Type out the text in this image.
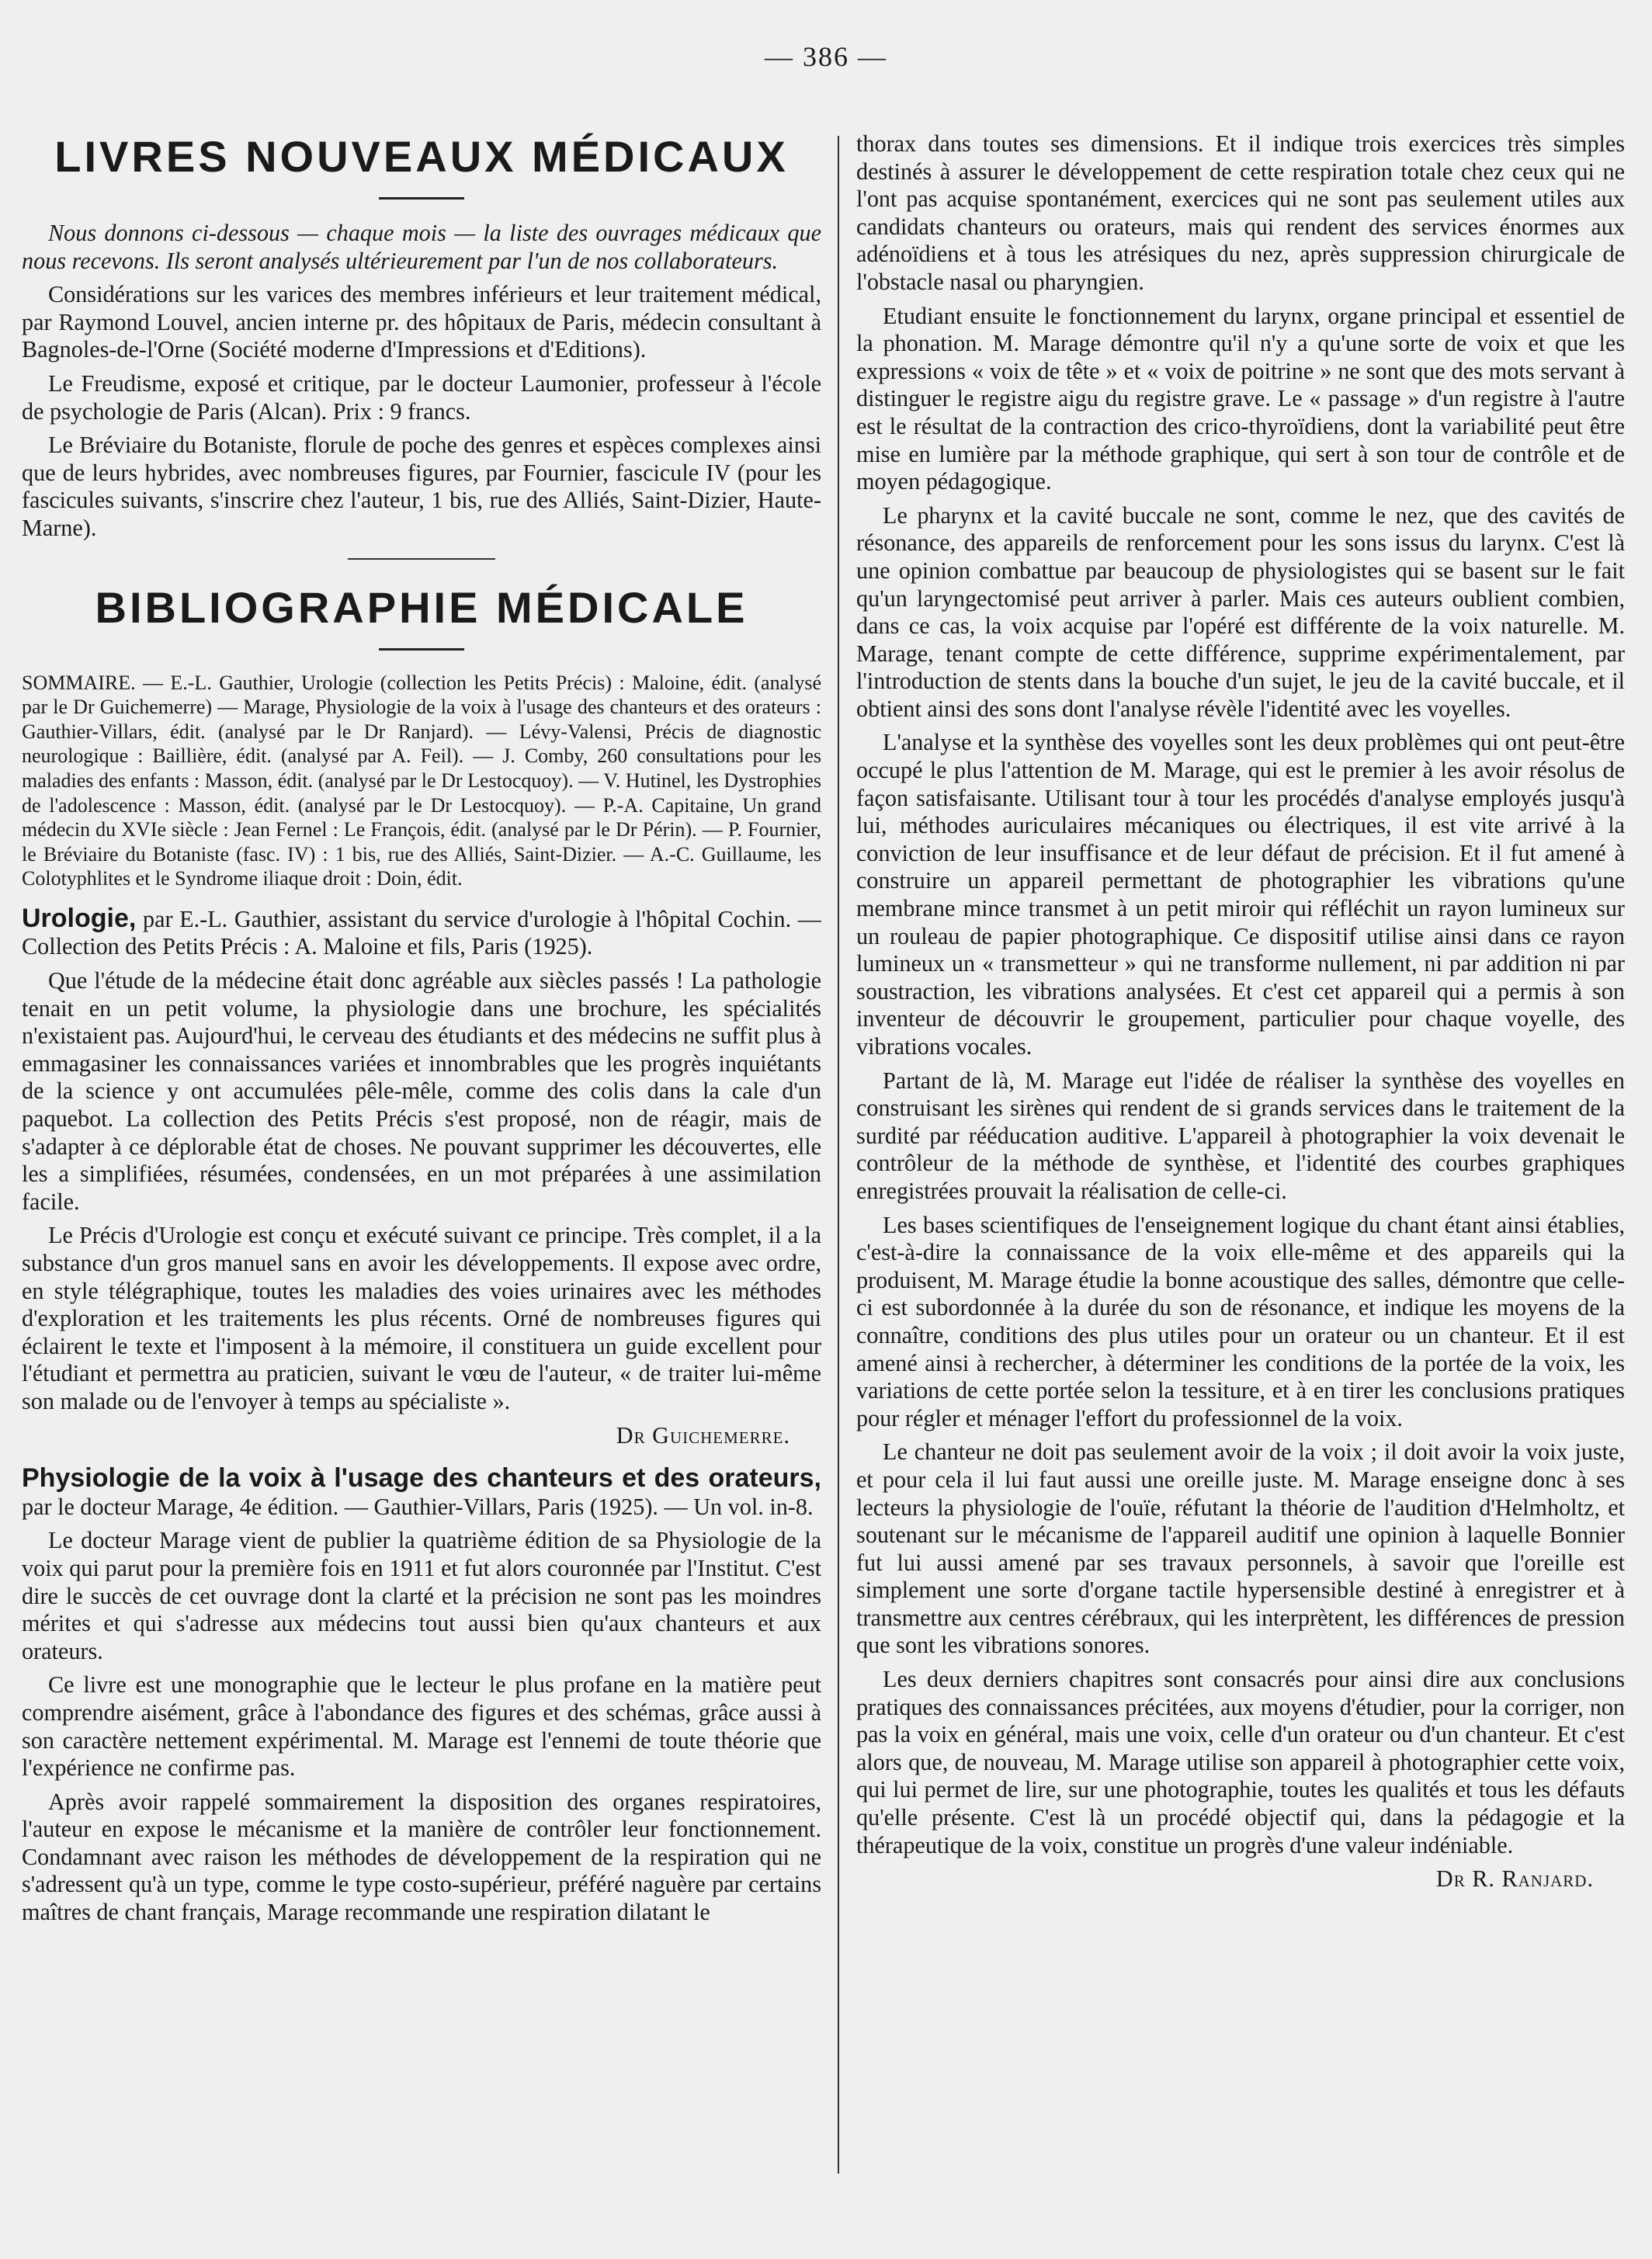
— 386 —
LIVRES NOUVEAUX MÉDICAUX

Nous donnons ci-dessous — chaque mois — la liste des ouvrages médicaux que nous recevons. Ils seront analysés ultérieurement par l'un de nos collaborateurs.

Considérations sur les varices des membres inférieurs et leur traitement médical, par Raymond Louvel, ancien interne pr. des hôpitaux de Paris, médecin consultant à Bagnoles-de-l'Orne (Société moderne d'Impressions et d'Editions).

Le Freudisme, exposé et critique, par le docteur Laumonier, professeur à l'école de psychologie de Paris (Alcan). Prix : 9 francs.

Le Bréviaire du Botaniste, florule de poche des genres et espèces complexes ainsi que de leurs hybrides, avec nombreuses figures, par Fournier, fascicule IV (pour les fascicules suivants, s'inscrire chez l'auteur, 1 bis, rue des Alliés, Saint-Dizier, Haute-Marne).

BIBLIOGRAPHIE MÉDICALE

SOMMAIRE. — E.-L. Gauthier, Urologie (collection les Petits Précis) : Maloine, édit. (analysé par le Dr Guichemerre) — Marage, Physiologie de la voix à l'usage des chanteurs et des orateurs : Gauthier-Villars, édit. (analysé par le Dr Ranjard). — Lévy-Valensi, Précis de diagnostic neurologique : Baillière, édit. (analysé par A. Feil). — J. Comby, 260 consultations pour les maladies des enfants : Masson, édit. (analysé par le Dr Lestocquoy). — V. Hutinel, les Dystrophies de l'adolescence : Masson, édit. (analysé par le Dr Lestocquoy). — P.-A. Capitaine, Un grand médecin du XVIe siècle : Jean Fernel : Le François, édit. (analysé par le Dr Périn). — P. Fournier, le Bréviaire du Botaniste (fasc. IV) : 1 bis, rue des Alliés, Saint-Dizier. — A.-C. Guillaume, les Colotyphlites et le Syndrome iliaque droit : Doin, édit.

Urologie, par E.-L. Gauthier, assistant du service d'urologie à l'hôpital Cochin. — Collection des Petits Précis : A. Maloine et fils, Paris (1925).

Que l'étude de la médecine était donc agréable aux siècles passés ! La pathologie tenait en un petit volume, la physiologie dans une brochure, les spécialités n'existaient pas. Aujourd'hui, le cerveau des étudiants et des médecins ne suffit plus à emmagasiner les connaissances variées et innombrables que les progrès inquiétants de la science y ont accumulées pêle-mêle, comme des colis dans la cale d'un paquebot. La collection des Petits Précis s'est proposé, non de réagir, mais de s'adapter à ce déplorable état de choses. Ne pouvant supprimer les découvertes, elle les a simplifiées, résumées, condensées, en un mot préparées à une assimilation facile.

Le Précis d'Urologie est conçu et exécuté suivant ce principe. Très complet, il a la substance d'un gros manuel sans en avoir les développements. Il expose avec ordre, en style télégraphique, toutes les maladies des voies urinaires avec les méthodes d'exploration et les traitements les plus récents. Orné de nombreuses figures qui éclairent le texte et l'imposent à la mémoire, il constituera un guide excellent pour l'étudiant et permettra au praticien, suivant le vœu de l'auteur, « de traiter lui-même son malade ou de l'envoyer à temps au spécialiste ».

Dr Guichemerre.

Physiologie de la voix à l'usage des chanteurs et des orateurs, par le docteur Marage, 4e édition. — Gauthier-Villars, Paris (1925). — Un vol. in-8.

Le docteur Marage vient de publier la quatrième édition de sa Physiologie de la voix qui parut pour la première fois en 1911 et fut alors couronnée par l'Institut. C'est dire le succès de cet ouvrage dont la clarté et la précision ne sont pas les moindres mérites et qui s'adresse aux médecins tout aussi bien qu'aux chanteurs et aux orateurs.

Ce livre est une monographie que le lecteur le plus profane en la matière peut comprendre aisément, grâce à l'abondance des figures et des schémas, grâce aussi à son caractère nettement expérimental. M. Marage est l'ennemi de toute théorie que l'expérience ne confirme pas.

Après avoir rappelé sommairement la disposition des organes respiratoires, l'auteur en expose le mécanisme et la manière de contrôler leur fonctionnement. Condamnant avec raison les méthodes de développement de la respiration qui ne s'adressent qu'à un type, comme le type costo-supérieur, préféré naguère par certains maîtres de chant français, Marage recommande une respiration dilatant le

thorax dans toutes ses dimensions. Et il indique trois exercices très simples destinés à assurer le développement de cette respiration totale chez ceux qui ne l'ont pas acquise spontanément, exercices qui ne sont pas seulement utiles aux candidats chanteurs ou orateurs, mais qui rendent des services énormes aux adénoïdiens et à tous les atrésiques du nez, après suppression chirurgicale de l'obstacle nasal ou pharyngien.

Etudiant ensuite le fonctionnement du larynx, organe principal et essentiel de la phonation. M. Marage démontre qu'il n'y a qu'une sorte de voix et que les expressions « voix de tête » et « voix de poitrine » ne sont que des mots servant à distinguer le registre aigu du registre grave. Le « passage » d'un registre à l'autre est le résultat de la contraction des crico-thyroïdiens, dont la variabilité peut être mise en lumière par la méthode graphique, qui sert à son tour de contrôle et de moyen pédagogique.

Le pharynx et la cavité buccale ne sont, comme le nez, que des cavités de résonance, des appareils de renforcement pour les sons issus du larynx. C'est là une opinion combattue par beaucoup de physiologistes qui se basent sur le fait qu'un laryngectomisé peut arriver à parler. Mais ces auteurs oublient combien, dans ce cas, la voix acquise par l'opéré est différente de la voix naturelle. M. Marage, tenant compte de cette différence, supprime expérimentalement, par l'introduction de stents dans la bouche d'un sujet, le jeu de la cavité buccale, et il obtient ainsi des sons dont l'analyse révèle l'identité avec les voyelles.

L'analyse et la synthèse des voyelles sont les deux problèmes qui ont peut-être occupé le plus l'attention de M. Marage, qui est le premier à les avoir résolus de façon satisfaisante. Utilisant tour à tour les procédés d'analyse employés jusqu'à lui, méthodes auriculaires mécaniques ou électriques, il est vite arrivé à la conviction de leur insuffisance et de leur défaut de précision. Et il fut amené à construire un appareil permettant de photographier les vibrations qu'une membrane mince transmet à un petit miroir qui réfléchit un rayon lumineux sur un rouleau de papier photographique. Ce dispositif utilise ainsi dans ce rayon lumineux un « transmetteur » qui ne transforme nullement, ni par addition ni par soustraction, les vibrations analysées. Et c'est cet appareil qui a permis à son inventeur de découvrir le groupement, particulier pour chaque voyelle, des vibrations vocales.

Partant de là, M. Marage eut l'idée de réaliser la synthèse des voyelles en construisant les sirènes qui rendent de si grands services dans le traitement de la surdité par rééducation auditive. L'appareil à photographier la voix devenait le contrôleur de la méthode de synthèse, et l'identité des courbes graphiques enregistrées prouvait la réalisation de celle-ci.

Les bases scientifiques de l'enseignement logique du chant étant ainsi établies, c'est-à-dire la connaissance de la voix elle-même et des appareils qui la produisent, M. Marage étudie la bonne acoustique des salles, démontre que celle-ci est subordonnée à la durée du son de résonance, et indique les moyens de la connaître, conditions des plus utiles pour un orateur ou un chanteur. Et il est amené ainsi à rechercher, à déterminer les conditions de la portée de la voix, les variations de cette portée selon la tessiture, et à en tirer les conclusions pratiques pour régler et ménager l'effort du professionnel de la voix.

Le chanteur ne doit pas seulement avoir de la voix ; il doit avoir la voix juste, et pour cela il lui faut aussi une oreille juste. M. Marage enseigne donc à ses lecteurs la physiologie de l'ouïe, réfutant la théorie de l'audition d'Helmholtz, et soutenant sur le mécanisme de l'appareil auditif une opinion à laquelle Bonnier fut lui aussi amené par ses travaux personnels, à savoir que l'oreille est simplement une sorte d'organe tactile hypersensible destiné à enregistrer et à transmettre aux centres cérébraux, qui les interprètent, les différences de pression que sont les vibrations sonores.

Les deux derniers chapitres sont consacrés pour ainsi dire aux conclusions pratiques des connaissances précitées, aux moyens d'étudier, pour la corriger, non pas la voix en général, mais une voix, celle d'un orateur ou d'un chanteur. Et c'est alors que, de nouveau, M. Marage utilise son appareil à photographier cette voix, qui lui permet de lire, sur une photographie, toutes les qualités et tous les défauts qu'elle présente. C'est là un procédé objectif qui, dans la pédagogie et la thérapeutique de la voix, constitue un progrès d'une valeur indéniable.

Dr R. Ranjard.
